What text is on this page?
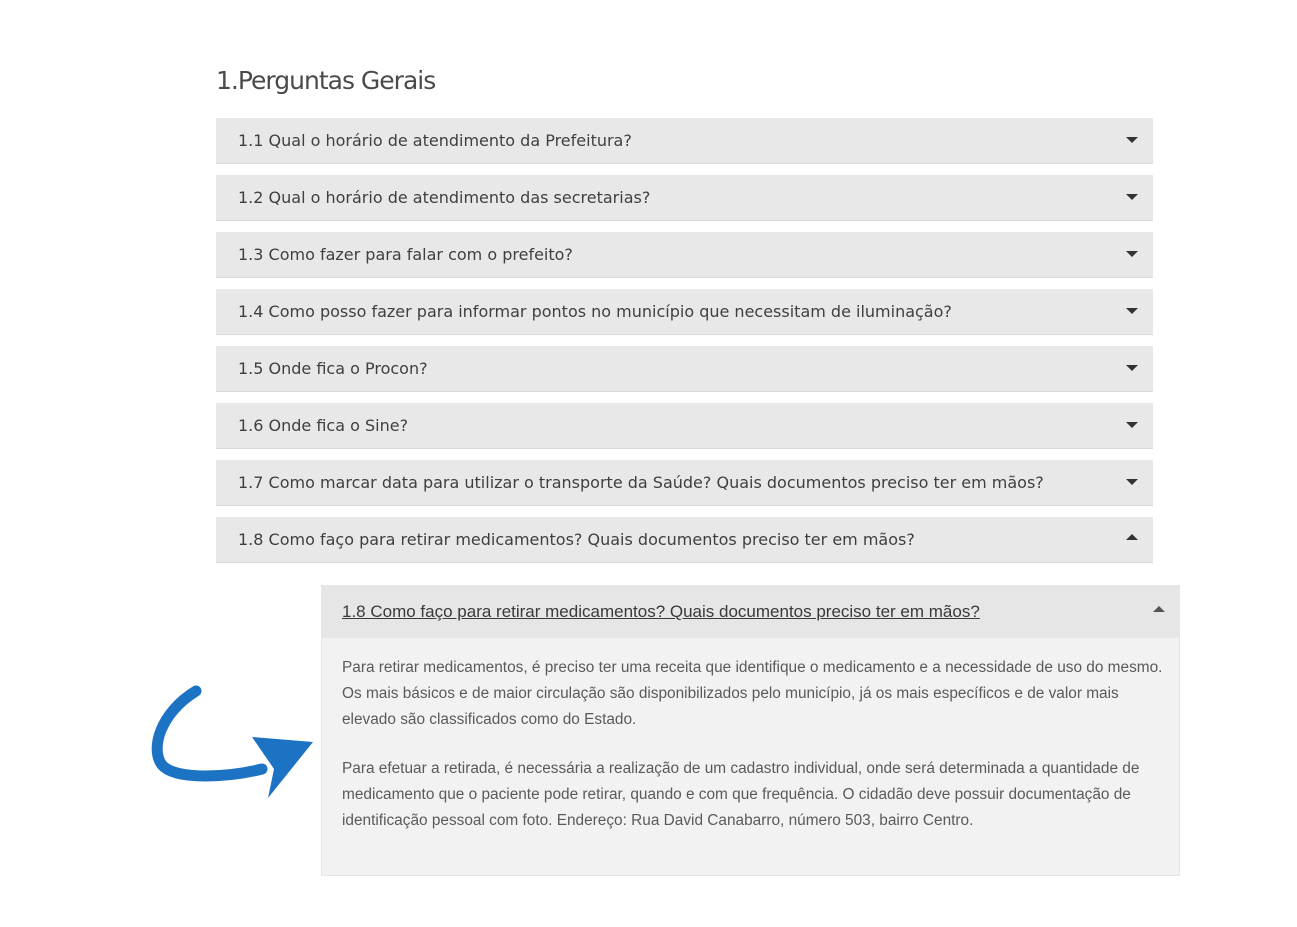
1.Perguntas Gerais
1.1 Qual o horário de atendimento da Prefeitura?
1.2 Qual o horário de atendimento das secretarias?
1.3 Como fazer para falar com o prefeito?
1.4 Como posso fazer para informar pontos no município que necessitam de iluminação?
1.5 Onde fica o Procon?
1.6 Onde fica o Sine?
1.7 Como marcar data para utilizar o transporte da Saúde? Quais documentos preciso ter em mãos?
1.8 Como faço para retirar medicamentos? Quais documentos preciso ter em mãos?
1.8 Como faço para retirar medicamentos? Quais documentos preciso ter em mãos?

Para retirar medicamentos, é preciso ter uma receita que identifique o medicamento e a necessidade de uso do mesmo. Os mais básicos e de maior circulação são disponibilizados pelo município, já os mais específicos e de valor mais elevado são classificados como do Estado.

Para efetuar a retirada, é necessária a realização de um cadastro individual, onde será determinada a quantidade de medicamento que o paciente pode retirar, quando e com que frequência. O cidadão deve possuir documentação de identificação pessoal com foto. Endereço: Rua David Canabarro, número 503, bairro Centro.
